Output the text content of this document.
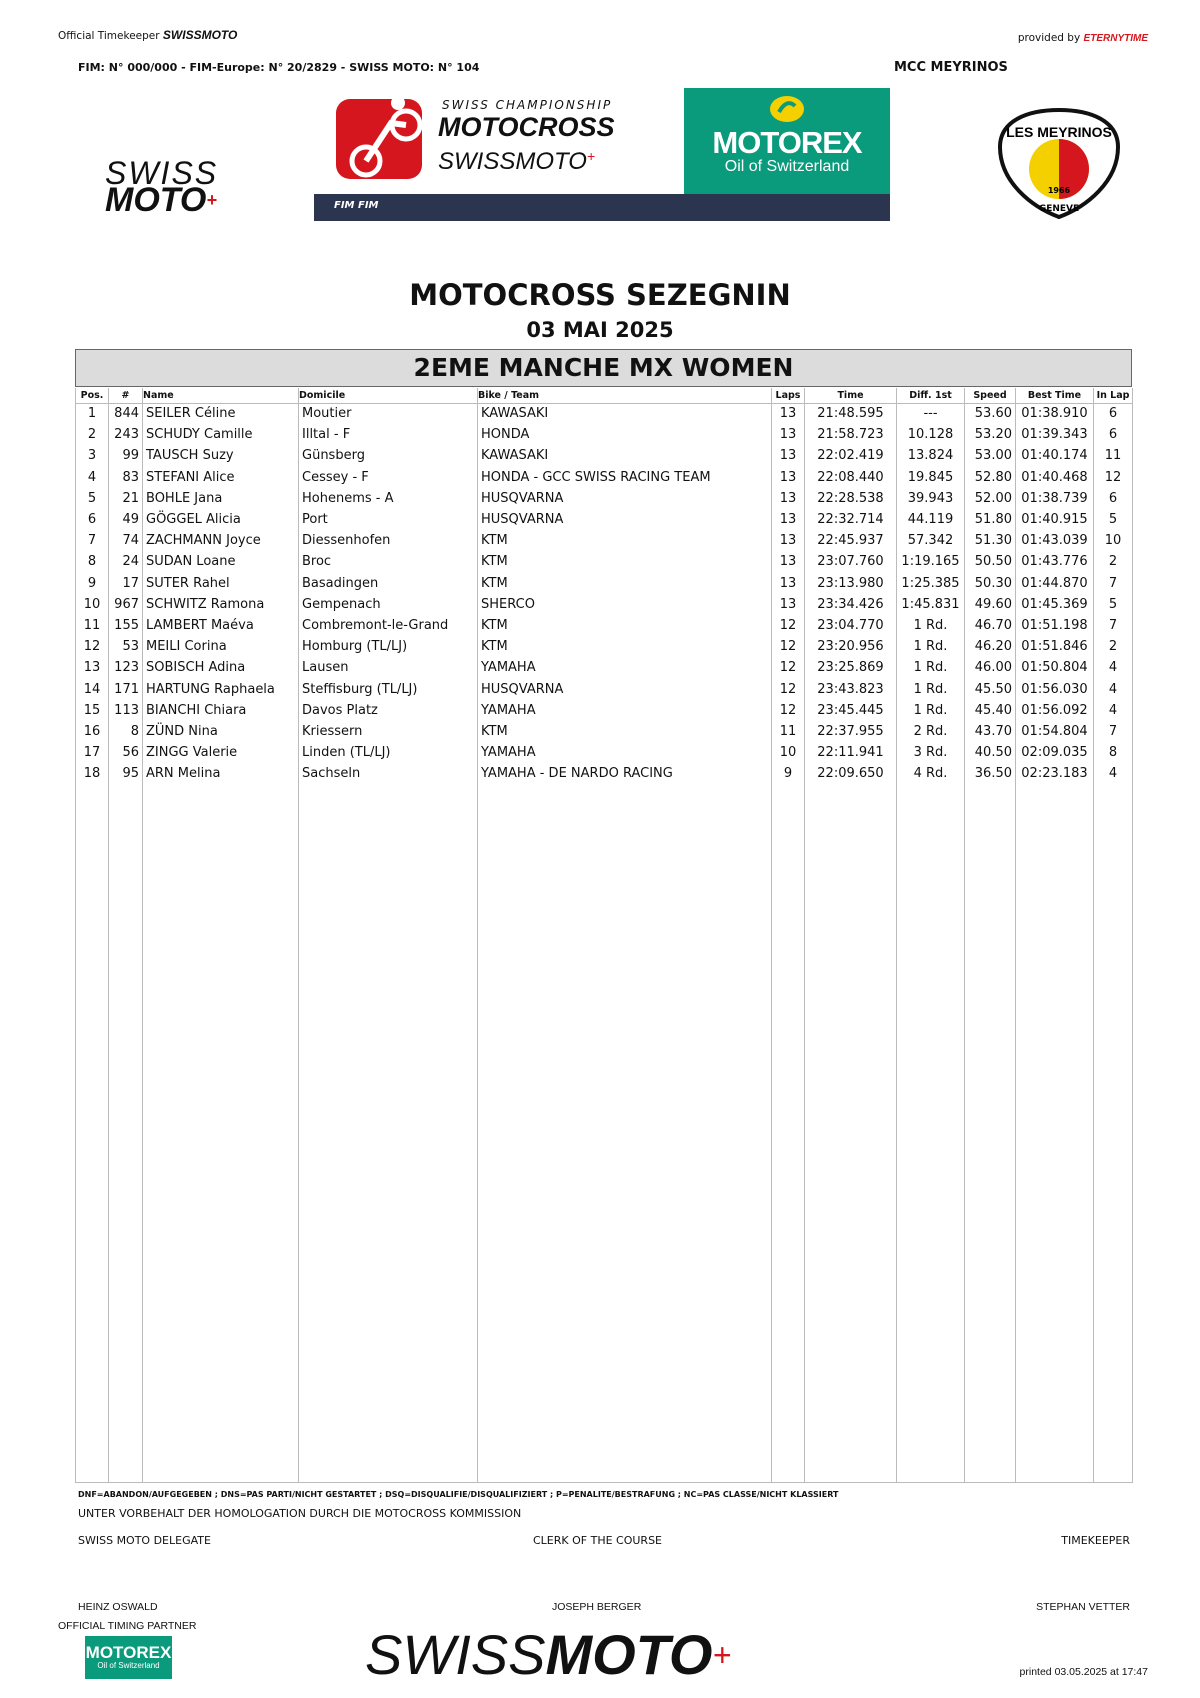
Official Timekeeper SWISSMOTO	provided by ETERNYTIME
FIM: N° 000/000 - FIM-Europe: N° 20/2829 - SWISS MOTO: N° 104	MCC MEYRINOS
SWISS
MOTO+
SWISS CHAMPIONSHIP
MOTOCROSS
SWISSMOTO+	MOTOREX
Oil of Switzerland
FIM FIM
LES MEYRINOS
1966
GENEVE
MOTOCROSS SEZEGNIN
03 MAI 2025
2EME MANCHE MX WOMEN
Pos.	#	Name	Domicile	Bike / Team	Laps	Time	Diff. 1st	Speed	Best Time	In Lap
1	844	SEILER Céline	Moutier	KAWASAKI	13	21:48.595	---	53.60	01:38.910	6
2	243	SCHUDY Camille	Illtal - F	HONDA	13	21:58.723	10.128	53.20	01:39.343	6
3	99	TAUSCH Suzy	Günsberg	KAWASAKI	13	22:02.419	13.824	53.00	01:40.174	11
4	83	STEFANI Alice	Cessey - F	HONDA - GCC SWISS RACING TEAM	13	22:08.440	19.845	52.80	01:40.468	12
5	21	BOHLE Jana	Hohenems - A	HUSQVARNA	13	22:28.538	39.943	52.00	01:38.739	6
6	49	GÖGGEL Alicia	Port	HUSQVARNA	13	22:32.714	44.119	51.80	01:40.915	5
7	74	ZACHMANN Joyce	Diessenhofen	KTM	13	22:45.937	57.342	51.30	01:43.039	10
8	24	SUDAN Loane	Broc	KTM	13	23:07.760	1:19.165	50.50	01:43.776	2
9	17	SUTER Rahel	Basadingen	KTM	13	23:13.980	1:25.385	50.30	01:44.870	7
10	967	SCHWITZ Ramona	Gempenach	SHERCO	13	23:34.426	1:45.831	49.60	01:45.369	5
11	155	LAMBERT Maéva	Combremont-le-Grand	KTM	12	23:04.770	1 Rd.	46.70	01:51.198	7
12	53	MEILI Corina	Homburg (TL/LJ)	KTM	12	23:20.956	1 Rd.	46.20	01:51.846	2
13	123	SOBISCH Adina	Lausen	YAMAHA	12	23:25.869	1 Rd.	46.00	01:50.804	4
14	171	HARTUNG Raphaela	Steffisburg (TL/LJ)	HUSQVARNA	12	23:43.823	1 Rd.	45.50	01:56.030	4
15	113	BIANCHI Chiara	Davos Platz	YAMAHA	12	23:45.445	1 Rd.	45.40	01:56.092	4
16	8	ZÜND Nina	Kriessern	KTM	11	22:37.955	2 Rd.	43.70	01:54.804	7
17	56	ZINGG Valerie	Linden (TL/LJ)	YAMAHA	10	22:11.941	3 Rd.	40.50	02:09.035	8
18	95	ARN Melina	Sachseln	YAMAHA - DE NARDO RACING	9	22:09.650	4 Rd.	36.50	02:23.183	4

DNF=ABANDON/AUFGEGEBEN ; DNS=PAS PARTI/NICHT GESTARTET ; DSQ=DISQUALIFIE/DISQUALIFIZIERT ; P=PENALITE/BESTRAFUNG ; NC=PAS CLASSE/NICHT KLASSIERT
UNTER VORBEHALT DER HOMOLOGATION DURCH DIE MOTOCROSS KOMMISSION
SWISS MOTO DELEGATE	CLERK OF THE COURSE	TIMEKEEPER
HEINZ OSWALD	JOSEPH BERGER	STEPHAN VETTER
OFFICIAL TIMING PARTNER
MOTOREX
Oil of Switzerland	SWISSMOTO+	printed 03.05.2025 at 17:47
